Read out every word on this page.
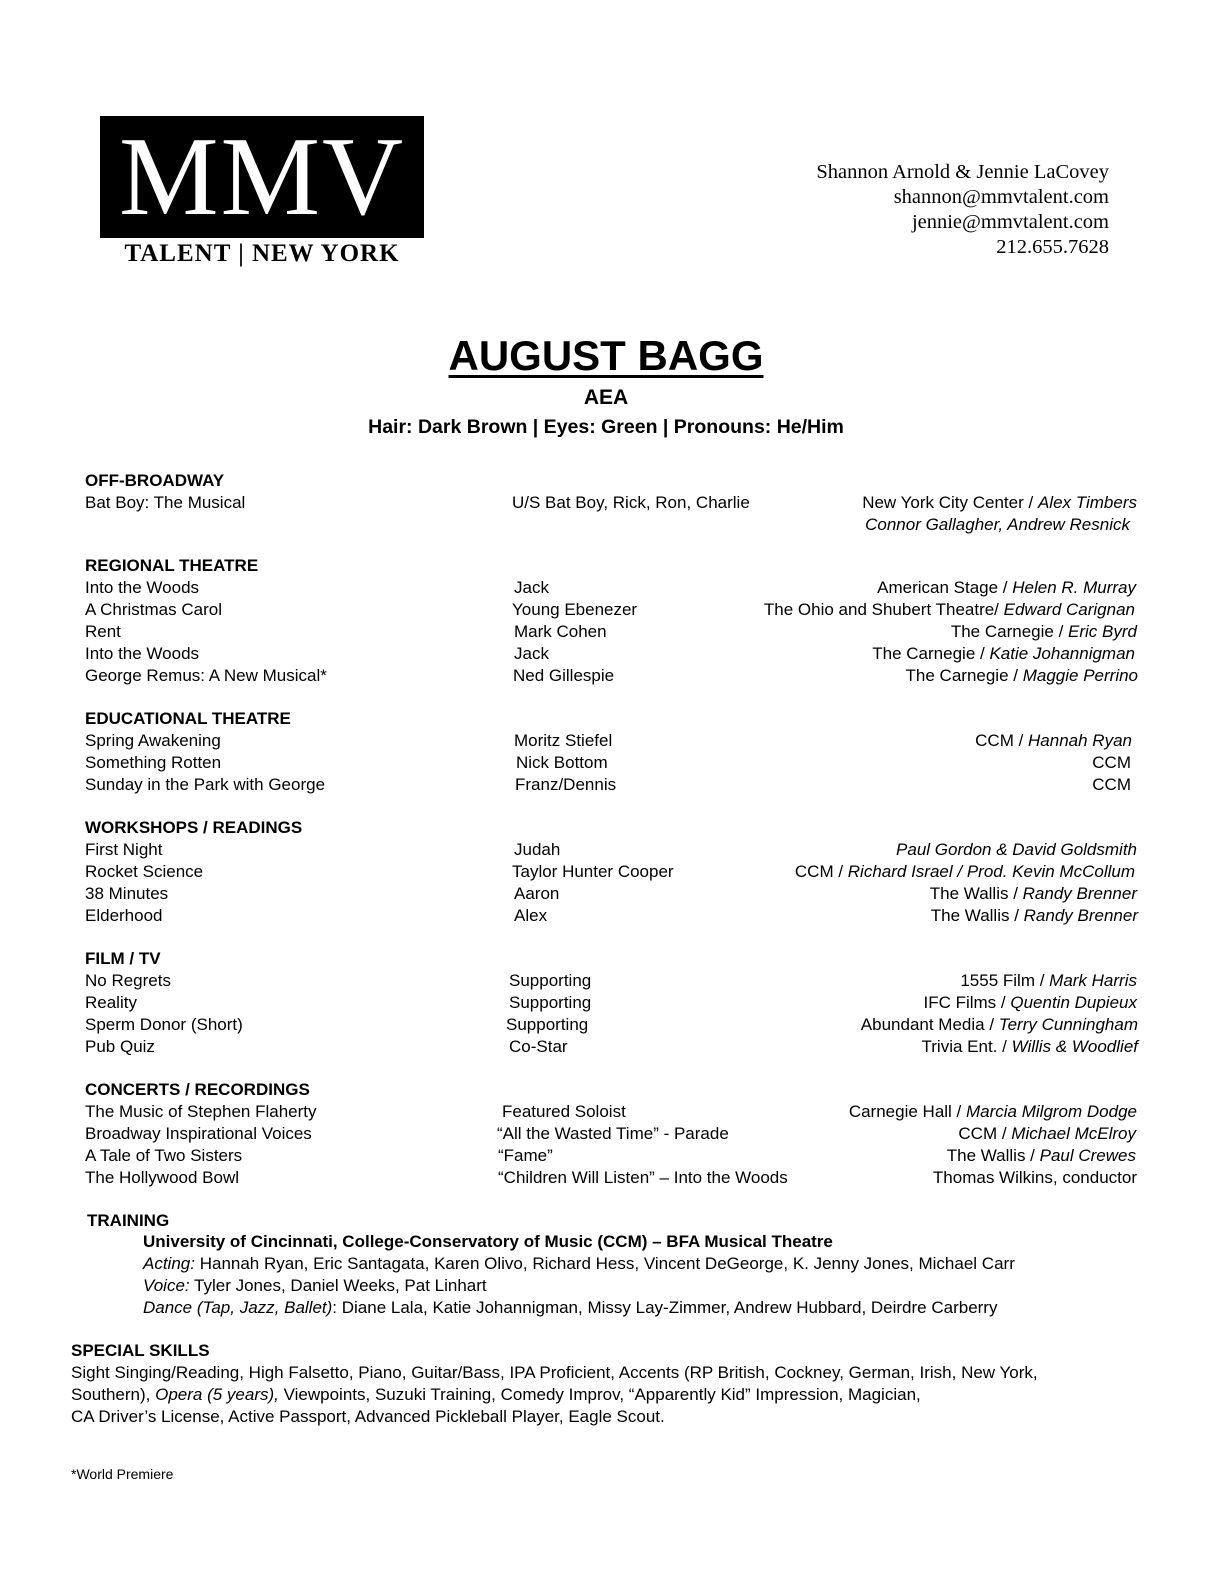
MMV
TALENT | NEW YORK
Shannon Arnold & Jennie LaCovey
shannon@mmvtalent.com
jennie@mmvtalent.com
212.655.7628
AUGUST BAGG
AEA
Hair: Dark Brown | Eyes: Green | Pronouns: He/Him
OFF-BROADWAY
Bat Boy: The Musical	U/S Bat Boy, Rick, Ron, Charlie	New York City Center / Alex Timbers
Connor Gallagher, Andrew Resnick
REGIONAL THEATRE
Into the Woods	Jack	American Stage / Helen R. Murray
A Christmas Carol	Young Ebenezer	The Ohio and Shubert Theatre/ Edward Carignan
Rent	Mark Cohen	The Carnegie / Eric Byrd
Into the Woods	Jack	The Carnegie / Katie Johannigman
George Remus: A New Musical*	Ned Gillespie	The Carnegie / Maggie Perrino
EDUCATIONAL THEATRE
Spring Awakening	Moritz Stiefel	CCM / Hannah Ryan
Something Rotten	Nick Bottom	CCM
Sunday in the Park with George	Franz/Dennis	CCM
WORKSHOPS / READINGS
First Night	Judah	Paul Gordon & David Goldsmith
Rocket Science	Taylor Hunter Cooper	CCM / Richard Israel / Prod. Kevin McCollum
38 Minutes	Aaron	The Wallis / Randy Brenner
Elderhood	Alex	The Wallis / Randy Brenner
FILM / TV
No Regrets	Supporting	1555 Film / Mark Harris
Reality	Supporting	IFC Films / Quentin Dupieux
Sperm Donor (Short)	Supporting	Abundant Media / Terry Cunningham
Pub Quiz	Co-Star	Trivia Ent. / Willis & Woodlief
CONCERTS / RECORDINGS
The Music of Stephen Flaherty	Featured Soloist	Carnegie Hall / Marcia Milgrom Dodge
Broadway Inspirational Voices	“All the Wasted Time” - Parade	CCM / Michael McElroy
A Tale of Two Sisters	“Fame”	The Wallis / Paul Crewes
The Hollywood Bowl	“Children Will Listen” – Into the Woods	Thomas Wilkins, conductor
TRAINING
University of Cincinnati, College-Conservatory of Music (CCM) – BFA Musical Theatre
Acting: Hannah Ryan, Eric Santagata, Karen Olivo, Richard Hess, Vincent DeGeorge, K. Jenny Jones, Michael Carr
Voice: Tyler Jones, Daniel Weeks, Pat Linhart
Dance (Tap, Jazz, Ballet): Diane Lala, Katie Johannigman, Missy Lay-Zimmer, Andrew Hubbard, Deirdre Carberry
SPECIAL SKILLS
Sight Singing/Reading, High Falsetto, Piano, Guitar/Bass, IPA Proficient, Accents (RP British, Cockney, German, Irish, New York,
Southern), Opera (5 years), Viewpoints, Suzuki Training, Comedy Improv, “Apparently Kid” Impression, Magician,
CA Driver’s License, Active Passport, Advanced Pickleball Player, Eagle Scout.
*World Premiere
